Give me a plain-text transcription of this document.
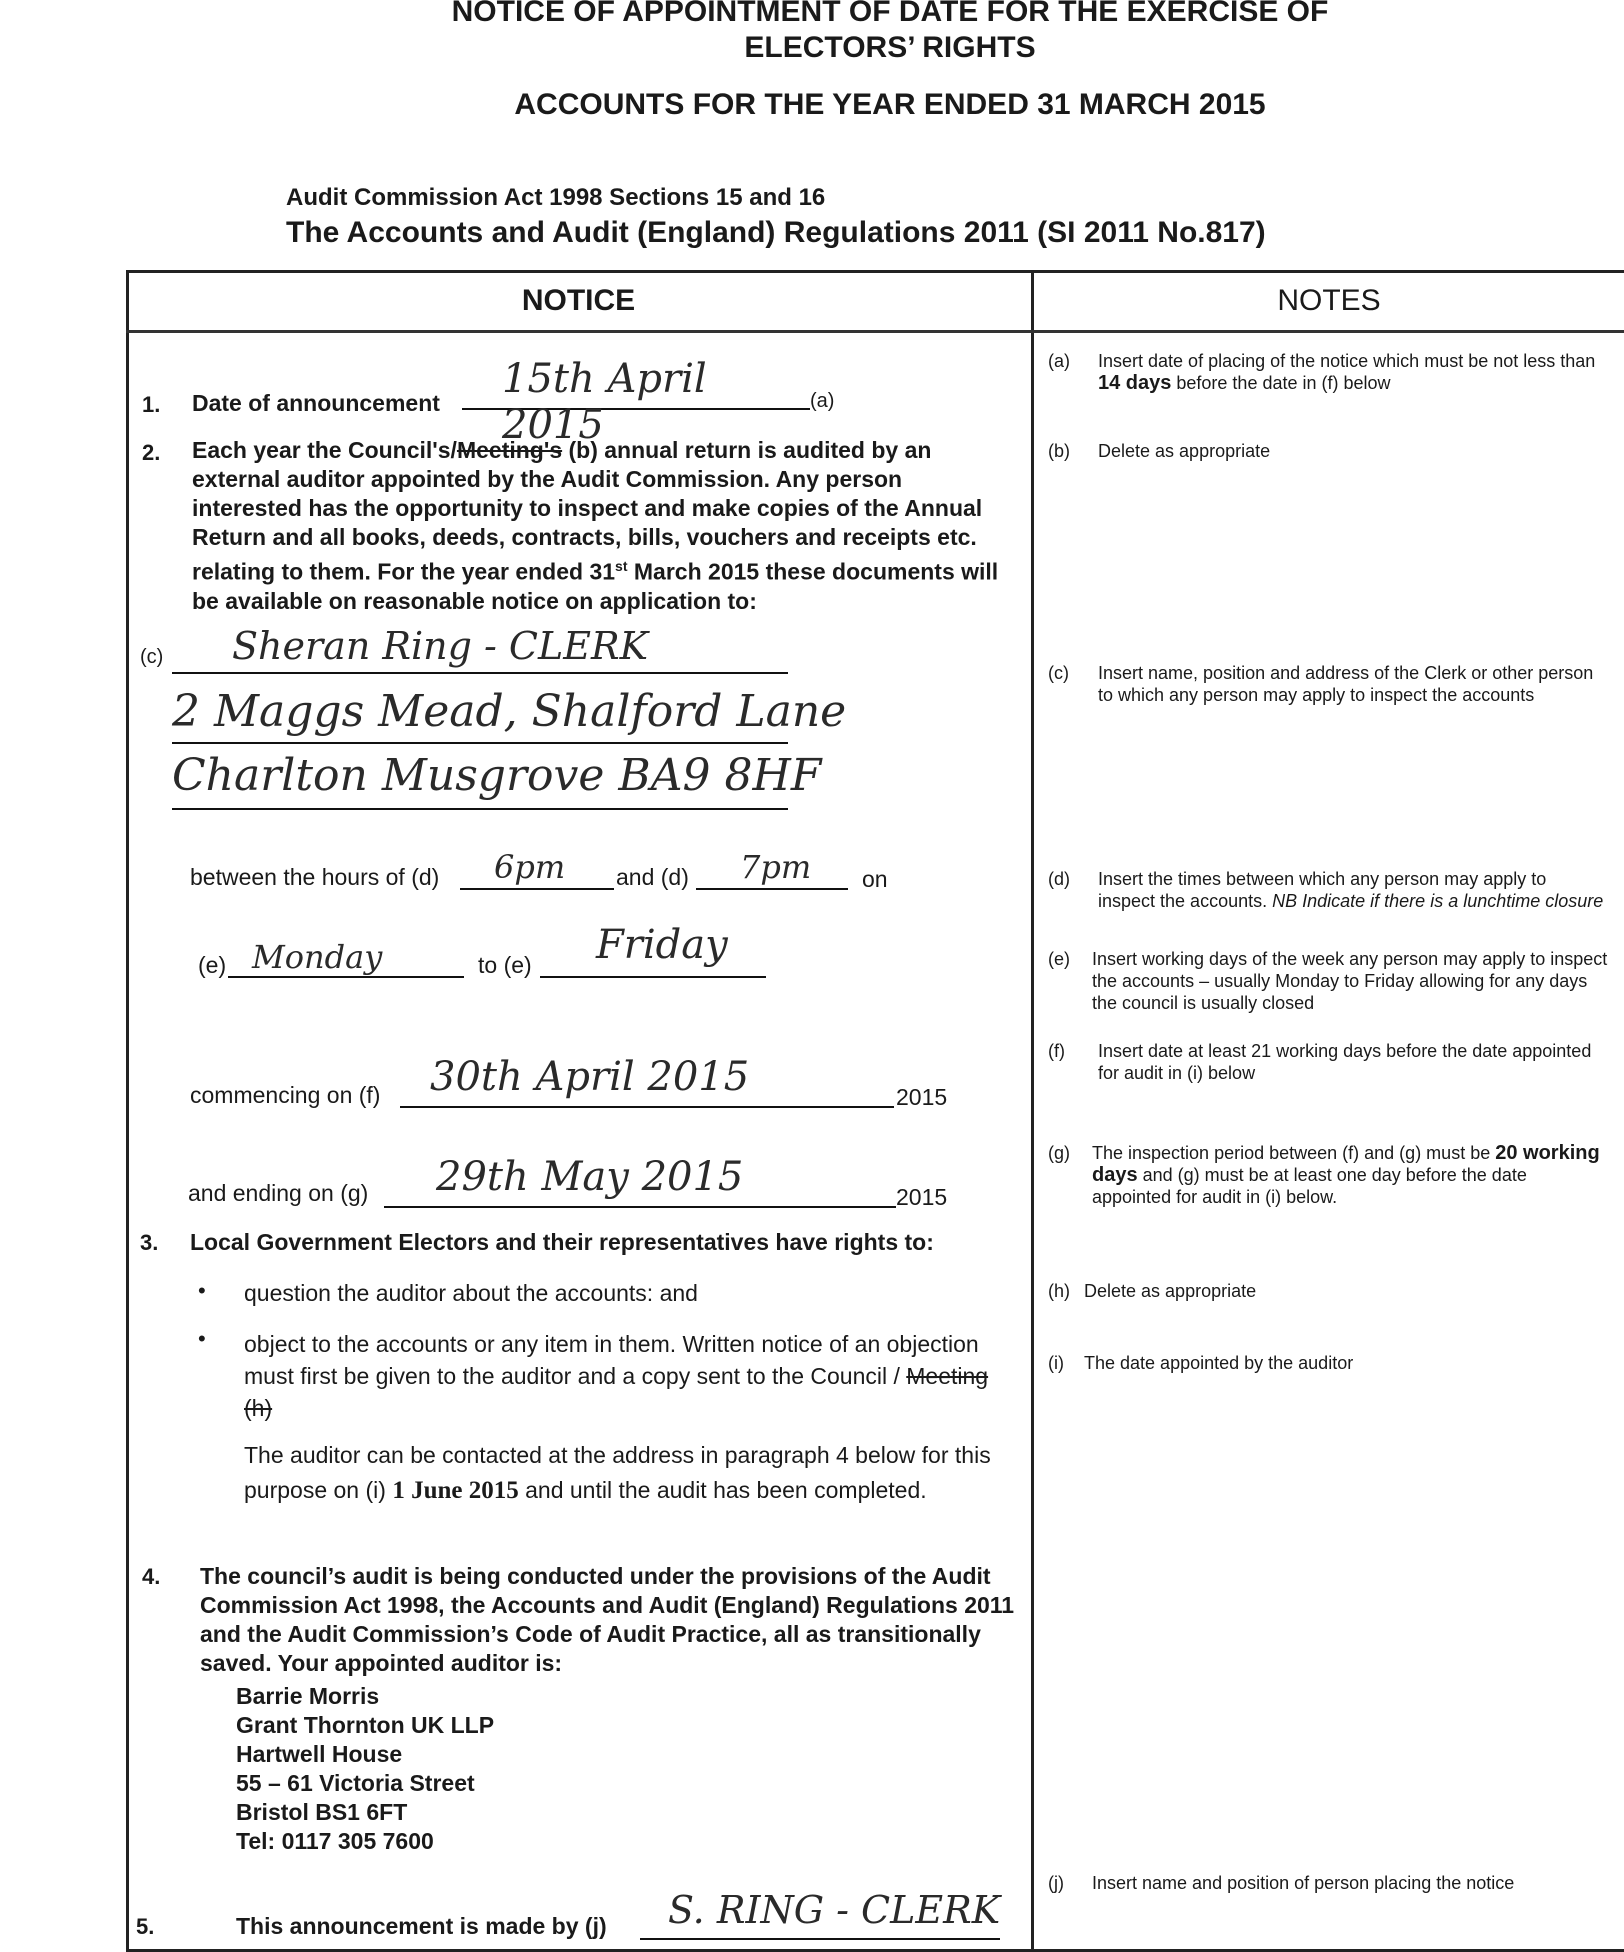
NOTICE OF APPOINTMENT OF DATE FOR THE EXERCISE OF
ELECTORS’ RIGHTS
ACCOUNTS FOR THE YEAR ENDED 31 MARCH 2015
Audit Commission Act 1998 Sections 15 and 16
The Accounts and Audit (England) Regulations 2011 (SI 2011 No.817)
NOTICE	NOTES
1. Date of announcement
15th April 2015
(a)
2. Each year the Council's/Meeting's (b) annual return is audited by an external auditor appointed by the Audit Commission. Any person interested has the opportunity to inspect and make copies of the Annual Return and all books, deeds, contracts, bills, vouchers and receipts etc. relating to them. For the year ended 31st March 2015 these documents will be available on reasonable notice on application to:
(c) Sheran Ring - CLERK
2 Maggs Mead, Shalford Lane
Charlton Musgrove BA9 8HF
between the hours of (d) 6pm and (d) 7pm on
(e) Monday	to (e) Friday
commencing on (f) 30th April 2015	2015
and ending on (g) 29th May 2015	2015
3. Local Government Electors and their representatives have rights to:
• question the auditor about the accounts: and
• object to the accounts or any item in them. Written notice of an objection must first be given to the auditor and a copy sent to the Council / Meeting (h)
The auditor can be contacted at the address in paragraph 4 below for this purpose on (i) 1 June 2015 and until the audit has been completed.
4. The council’s audit is being conducted under the provisions of the Audit Commission Act 1998, the Accounts and Audit (England) Regulations 2011 and the Audit Commission’s Code of Audit Practice, all as transitionally saved. Your appointed auditor is:
Barrie Morris
Grant Thornton UK LLP
Hartwell House
55 – 61 Victoria Street
Bristol BS1 6FT
Tel: 0117 305 7600
5.	This announcement is made by (j) S. RING - CLERK
(a) Insert date of placing of the notice which must be not less than 14 days before the date in (f) below
(b) Delete as appropriate
(c) Insert name, position and address of the Clerk or other person to which any person may apply to inspect the accounts
(d) Insert the times between which any person may apply to inspect the accounts. NB Indicate if there is a lunchtime closure
(e) Insert working days of the week any person may apply to inspect the accounts – usually Monday to Friday allowing for any days the council is usually closed
(f) Insert date at least 21 working days before the date appointed for audit in (i) below
(g) The inspection period between (f) and (g) must be 20 working days and (g) must be at least one day before the date appointed for audit in (i) below.
(h) Delete as appropriate
(i) The date appointed by the auditor
(j) Insert name and position of person placing the notice
